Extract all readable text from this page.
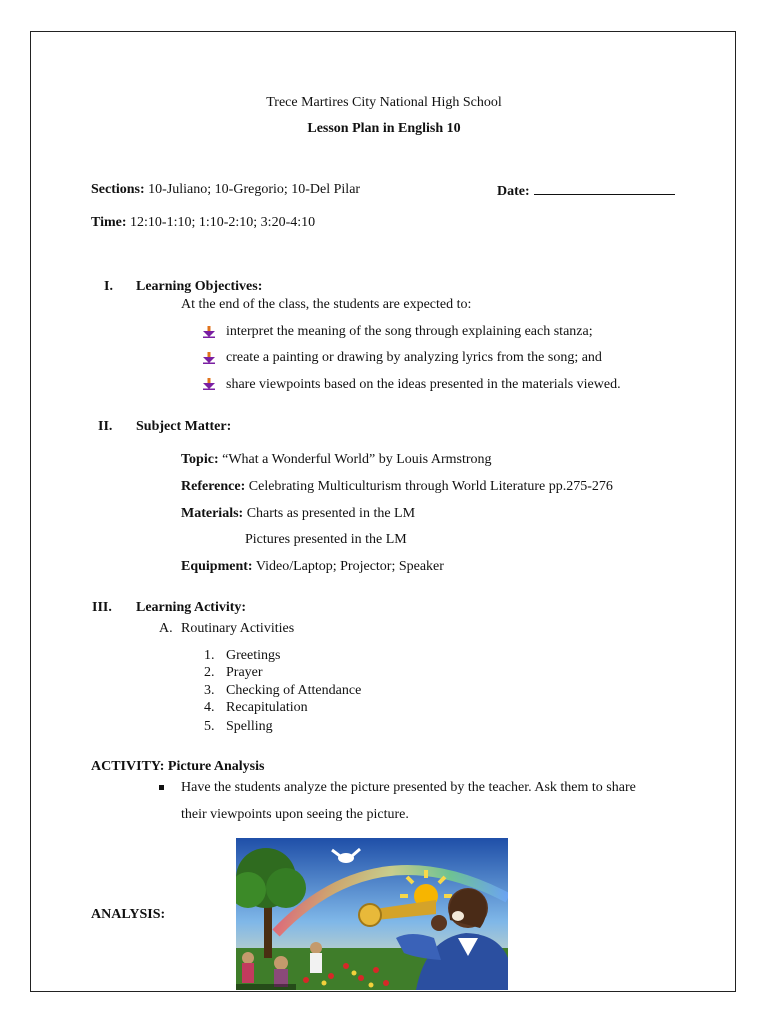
Trece Martires City National High School
Lesson Plan in English 10
Sections: 10-Juliano; 10-Gregorio; 10-Del Pilar	Date:
Time: 12:10-1:10; 1:10-2:10; 3:20-4:10
I. Learning Objectives:
At the end of the class, the students are expected to:
interpret the meaning of the song through explaining each stanza;
create a painting or drawing by analyzing lyrics from the song; and
share viewpoints based on the ideas presented in the materials viewed.
II. Subject Matter:
Topic: “What a Wonderful World” by Louis Armstrong
Reference: Celebrating Multiculturism through World Literature pp.275-276
Materials: Charts as presented in the LM
Pictures presented in the LM
Equipment: Video/Laptop; Projector; Speaker
III. Learning Activity:
A. Routinary Activities
1. Greetings
2. Prayer
3. Checking of Attendance
4. Recapitulation
5. Spelling
ACTIVITY: Picture Analysis
Have the students analyze the picture presented by the teacher. Ask them to share
their viewpoints upon seeing the picture.
ANALYSIS:
